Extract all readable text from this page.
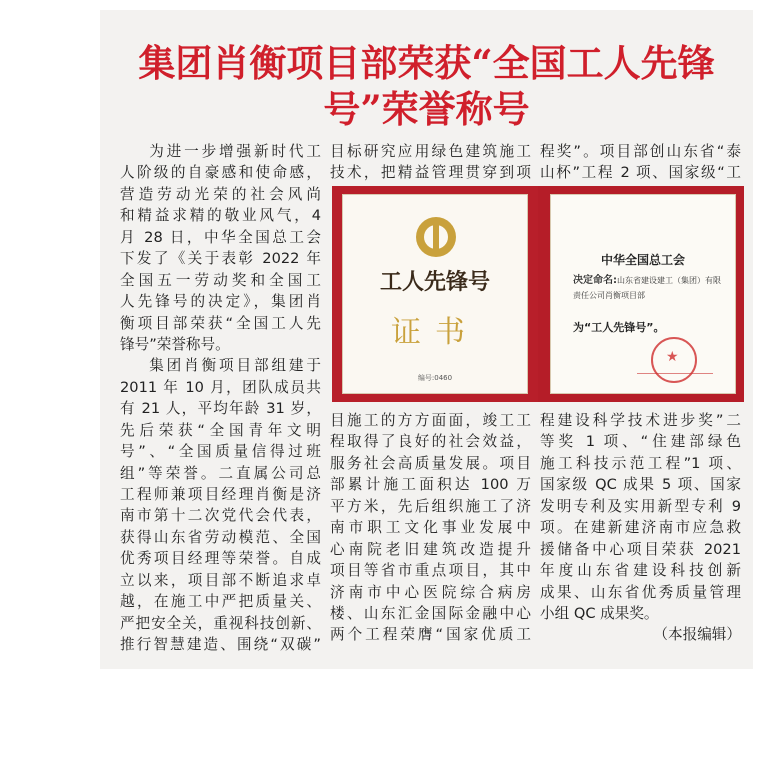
集团肖衡项目部荣获“全国工人先锋
号”荣誉称号
为进一步增强新时代工
人阶级的自豪感和使命感，
营造劳动光荣的社会风尚
和精益求精的敬业风气，4
月 28 日，中华全国总工会
下发了《关于表彰 2022 年
全国五一劳动奖和全国工
人先锋号的决定》，集团肖
衡项目部荣获“全国工人先
锋号”荣誉称号。
集团肖衡项目部组建于
2011 年 10 月，团队成员共
有 21 人，平均年龄 31 岁，
先后荣获“全国青年文明
号”、“全国质量信得过班
组”等荣誉。二直属公司总
工程师兼项目经理肖衡是济
南市第十二次党代会代表，
获得山东省劳动模范、全国
优秀项目经理等荣誉。自成
立以来，项目部不断追求卓
越，在施工中严把质量关、
严把安全关，重视科技创新、
推行智慧建造、围绕“双碳”
目标研究应用绿色建筑施工
技术，把精益管理贯穿到项
程奖”。项目部创山东省“泰
山杯”工程 2 项、国家级“工
工人先锋号
证书
编号:0460
中华全国总工会
决定命名:山东省建设建工（集团）有限责任公司肖衡项目部
为“工人先锋号”。
★
目施工的方方面面，竣工工
程取得了良好的社会效益，
服务社会高质量发展。项目
部累计施工面积达 100 万
平方米，先后组织施工了济
南市职工文化事业发展中
心南院老旧建筑改造提升
项目等省市重点项目，其中
济南市中心医院综合病房
楼、山东汇金国际金融中心
两个工程荣膺“国家优质工
程建设科学技术进步奖”二
等奖 1 项、“住建部绿色
施工科技示范工程”1 项、
国家级 QC 成果 5 项、国家
发明专利及实用新型专利 9
项。在建新建济南市应急救
援储备中心项目荣获 2021
年度山东省建设科技创新
成果、山东省优秀质量管理
小组 QC 成果奖。
（本报编辑）
